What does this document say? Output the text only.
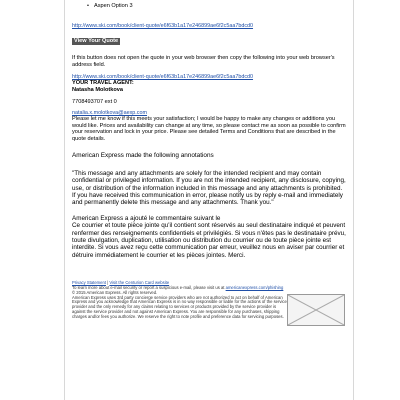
• Aspen Option 3
http://www.ski.com/book/client-quote/e6f63b1a17e246899ae6f2c5aa7bdcd0
View Your Quote

If this button does not open the quote in your web browser then copy the following into your web browser's address field.

http://www.ski.com/book/client-quote/e6f63b1a17e246899ae6f2c5aa7bdcd0
YOUR TRAVEL AGENT:
Natasha Molotkova

7708493707 ext 0

natalia.x.molotkova@aexp.com

Please let me know if this meets your satisfaction; I would be happy to make any changes or additions you would like. Prices and availability can change at any time, so please contact me as soon as possible to confirm your reservation and lock in your price. Please see detailed Terms and Conditions that are described in the quote details.

American Express made the following annotations
"This message and any attachments are solely for the intended recipient and may contain confidential or privileged information. If you are not the intended recipient, any disclosure, copying, use, or distribution of the information included in this message and any attachments is prohibited. If you have received this communication in error, please notify us by reply e-mail and immediately and permanently delete this message and any attachments. Thank you."
American Express a ajouté le commentaire suivant le
Ce courrier et toute pièce jointe qu'il contient sont réservés au seul destinataire indiqué et peuvent renfermer des renseignements confidentiels et privilégiés. Si vous n'êtes pas le destinataire prévu, toute divulgation, duplication, utilisation ou distribution du courrier ou de toute pièce jointe est interdite. Si vous avez reçu cette communication par erreur, veuillez nous en aviser par courrier et détruire immédiatement le courrier et les pièces jointes. Merci.
Privacy Statement | Visit the Centurion Card website
To learn more about e-mail security or report a suspicious e-mail, please visit us at americanexpress.com/phishing
© 2015 American Express. All rights reserved.
American Express uses 3rd party concierge service providers who are not authorized to act on behalf of American Express and you acknowledge that American Express is in no way responsible or liable for the actions of the service provider and the only remedy for any claims relating to services or products provided by the service provider is against the service provider and not against American Express. You are responsible for any purchases, shipping charges and/or fees you authorize. We reserve the right to note profile and preference data for servicing purposes.
